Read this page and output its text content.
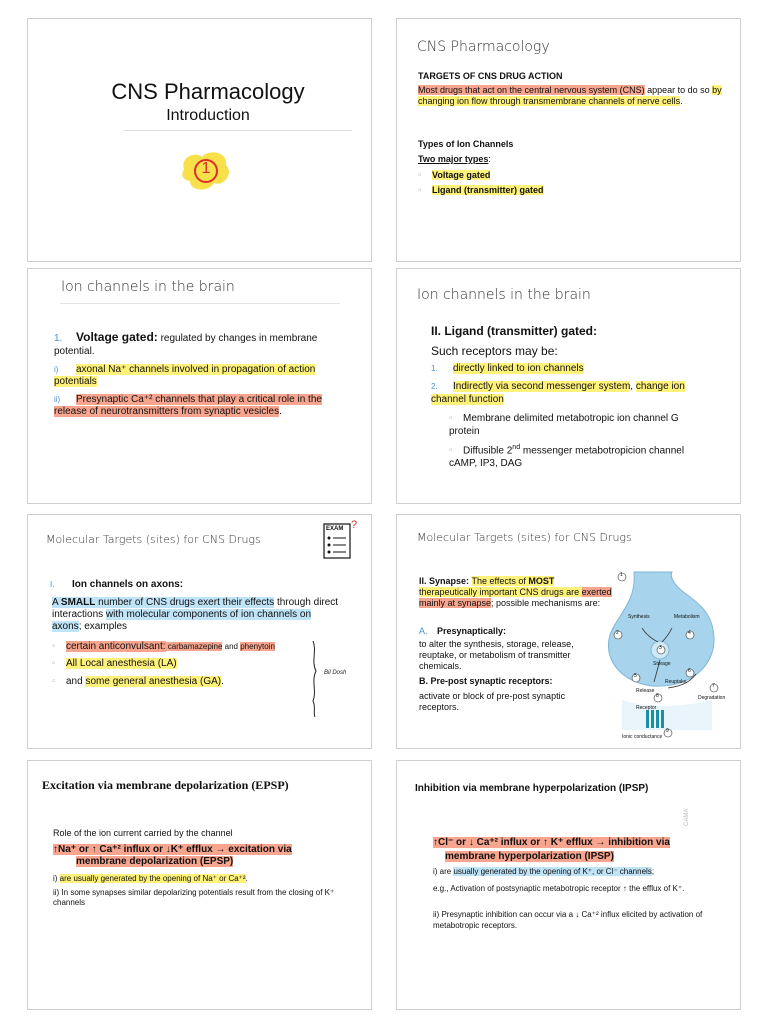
CNS Pharmacology
Introduction
1
CNS Pharmacology
TARGETS OF CNS DRUG ACTION

Most drugs that act on the central nervous system (CNS) appear to do so by changing ion flow through transmembrane channels of nerve cells.

Types of Ion Channels
Two major types:
▫ Voltage gated
▫ Ligand (transmitter) gated
Ion channels in the brain
1. Voltage gated: regulated by changes in membrane potential.
i) axonal Na⁺ channels involved in propagation of action potentials
ii) Presynaptic Ca⁺² channels that play a critical role in the release of neurotransmitters from synaptic vesicles.
Ion channels in the brain
II. Ligand (transmitter) gated:
Such receptors may be:
1. directly linked to ion channels
2. Indirectly via second messenger system, change ion channel function
▫ Membrane delimited metabotropic ion channel G protein
▫ Diffusible 2nd messenger metabotropicion channel cAMP, IP3, DAG
Molecular Targets (sites) for CNS Drugs
EXAM ?
I. Ion channels on axons:

A SMALL number of CNS drugs exert their effects through direct interactions with molecular components of ion channels on axons; examples

▫ certain anticonvulsant: carbamazepine and phenytoin
▫ All Local anesthesia (LA)
▫ and some general anesthesia (GA).
Bil Dosh
Molecular Targets (sites) for CNS Drugs

II. Synapse: The effects of MOST therapeutically important CNS drugs are exerted mainly at synapse; possible mechanisms are:

A. Presynaptically:

to alter the synthesis, storage, release, reuptake, or metabolism of transmitter chemicals.

B. Pre-post synaptic receptors:

activate or block of pre-post synaptic receptors.

1
2
3
4
5
6
7
8
9
Synthesis	Metabolism
Storage
Reuptake
Release
Degradation
Receptor
Ionic conductance
Excitation via membrane depolarization (EPSP)
Role of the ion current carried by the channel
↑Na⁺ or ↑ Ca⁺² influx or ↓K⁺ efflux → excitation via
membrane depolarization (EPSP)
i) are usually generated by the opening of Na⁺ or Ca⁺².

ii) In some synapses similar depolarizing potentials result from the closing of K⁺ channels

Inhibition via membrane hyperpolarization (IPSP)
CAMA
↑Cl⁻ or ↓ Ca⁺² influx or ↑ K⁺ efflux → inhibition via
membrane hyperpolarization (IPSP)
i) are usually generated by the opening of K⁺, or Cl⁻ channels;

e.g., Activation of postsynaptic metabotropic receptor ↑ the efflux of K⁺.

ii) Presynaptic inhibition can occur via a ↓ Ca⁺² influx elicited by activation of metabotropic receptors.
